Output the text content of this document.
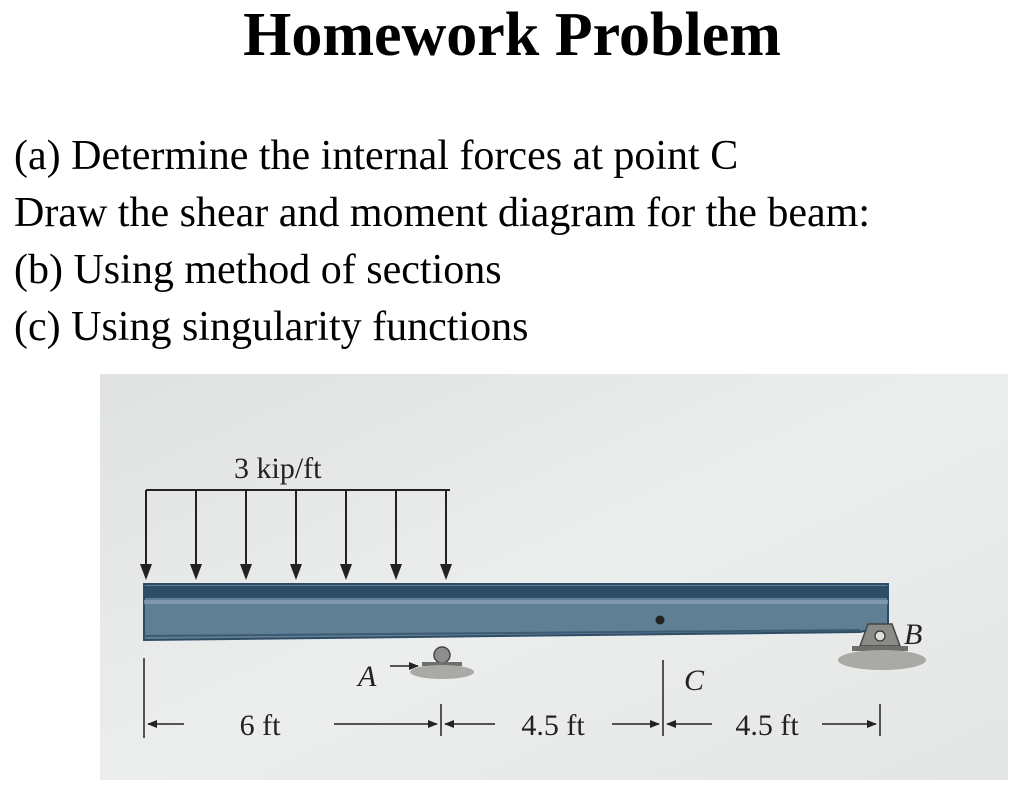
Homework Problem
(a) Determine the internal forces at point C
Draw the shear and moment diagram for the beam:
(b) Using method of sections
(c) Using singularity functions
3 kip/ft
A
B
C
6 ft	4.5 ft	4.5 ft
